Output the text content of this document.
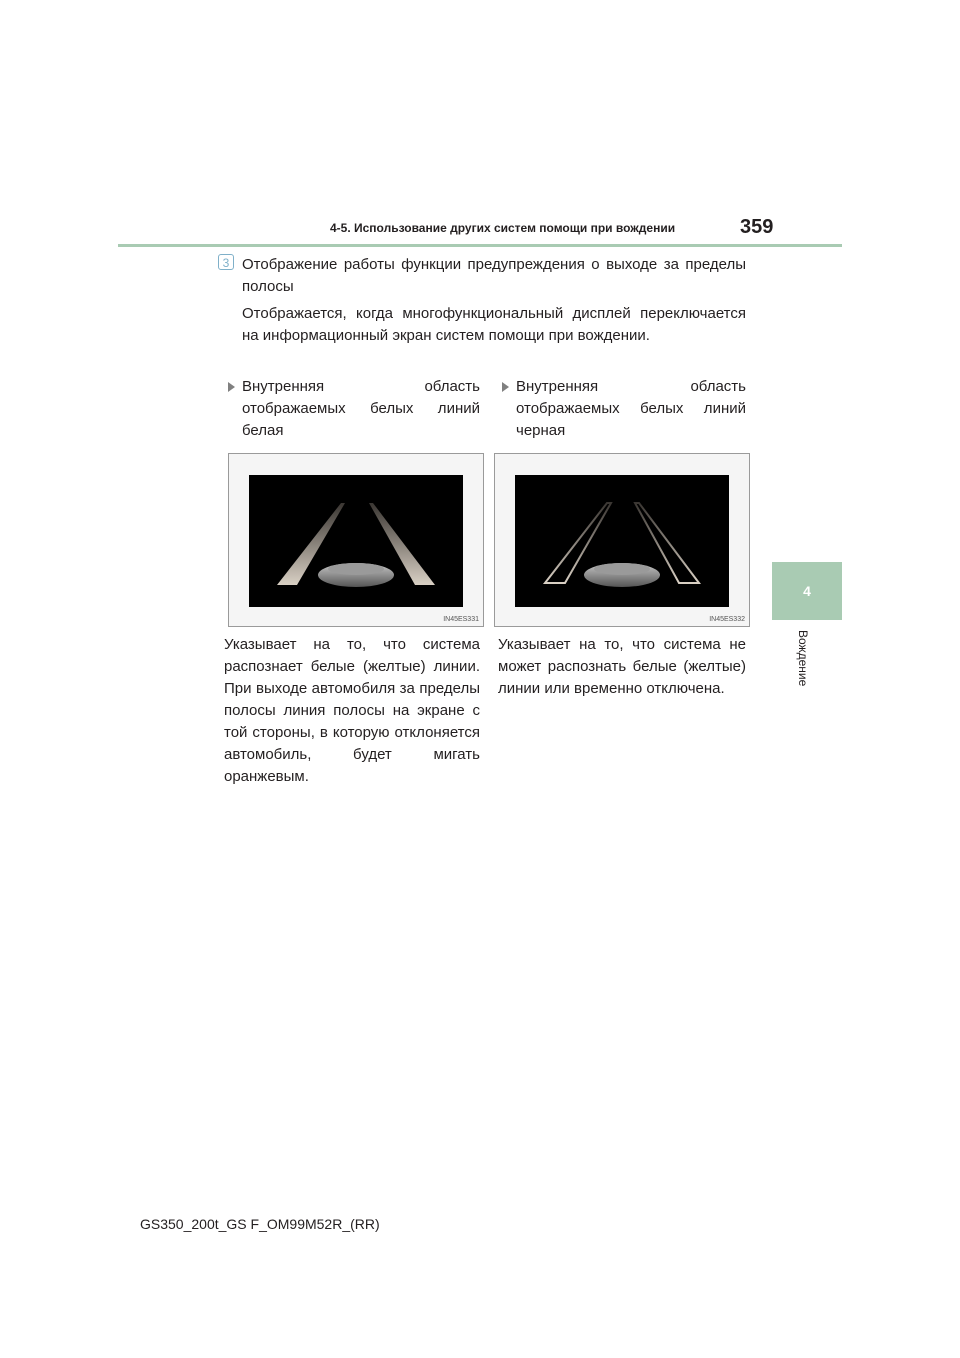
4-5. Использование других систем помощи при вождении	359
4
Вождение
3 Отображение работы функции предупреждения о выходе за пределы полосы
Отображается, когда многофункциональный дисплей переключается на информационный экран систем помощи при вождении.
Внутренняя область отображаемых белых линий белая
Внутренняя область отображаемых белых линий черная
IN45ES331	IN45ES332
Указывает на то, что система распознает белые (желтые) линии. При выходе автомобиля за пределы полосы линия полосы на экране с той стороны, в которую отклоняется автомобиль, будет мигать оранжевым.
Указывает на то, что система не может распознать белые (желтые) линии или временно отключена.
GS350_200t_GS F_OM99M52R_(RR)
